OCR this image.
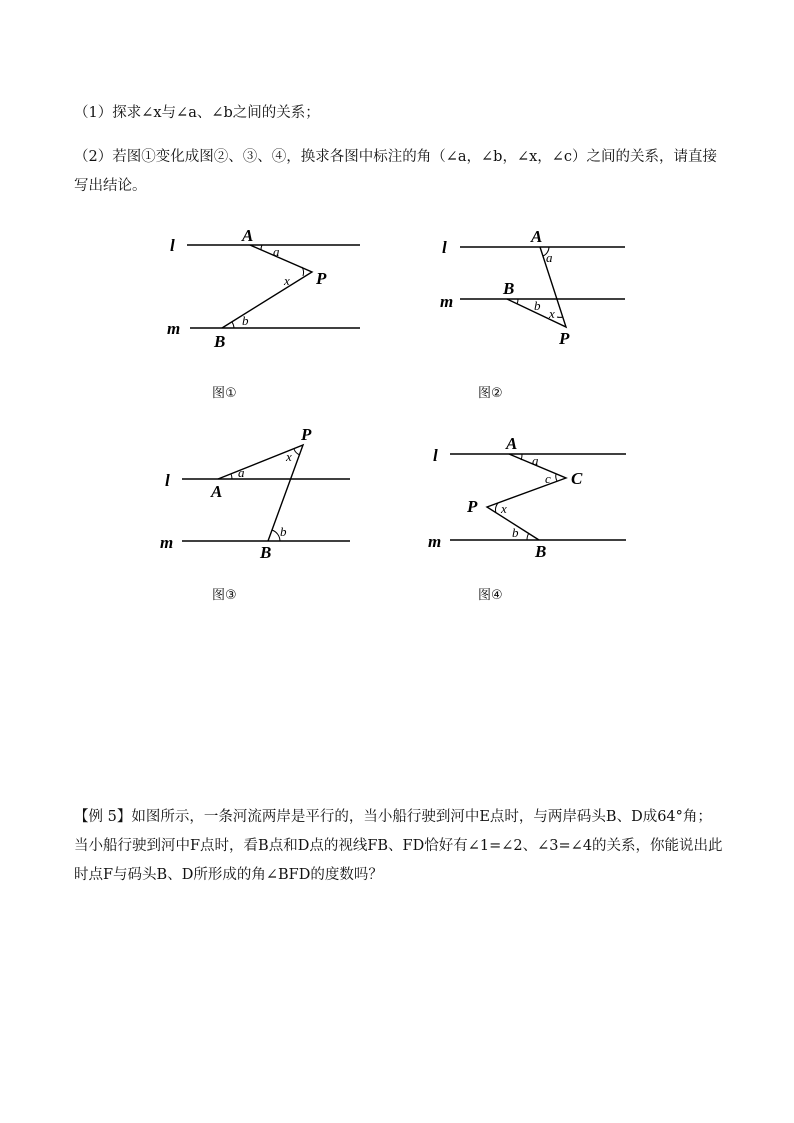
（1）探求∠x与∠a、∠b之间的关系；

（2）若图①变化成图②、③、④，换求各图中标注的角（∠a，∠b，∠x，∠c）之间的关系，请直接写出结论。

l
m
A
P
B
a
x
b
图①
l
m
A
B
P
a
b
x
图②
l
m
P
A
B
a
x
b
图③
l
m
A
C
P
B
a
c
x
b
图④

【例 5】如图所示，一条河流两岸是平行的，当小船行驶到河中E点时，与两岸码头B、D成64°角；当小船行驶到河中F点时，看B点和D点的视线FB、FD恰好有∠1=∠2、∠3=∠4的关系，你能说出此时点F与码头B、D所形成的角∠BFD的度数吗？
